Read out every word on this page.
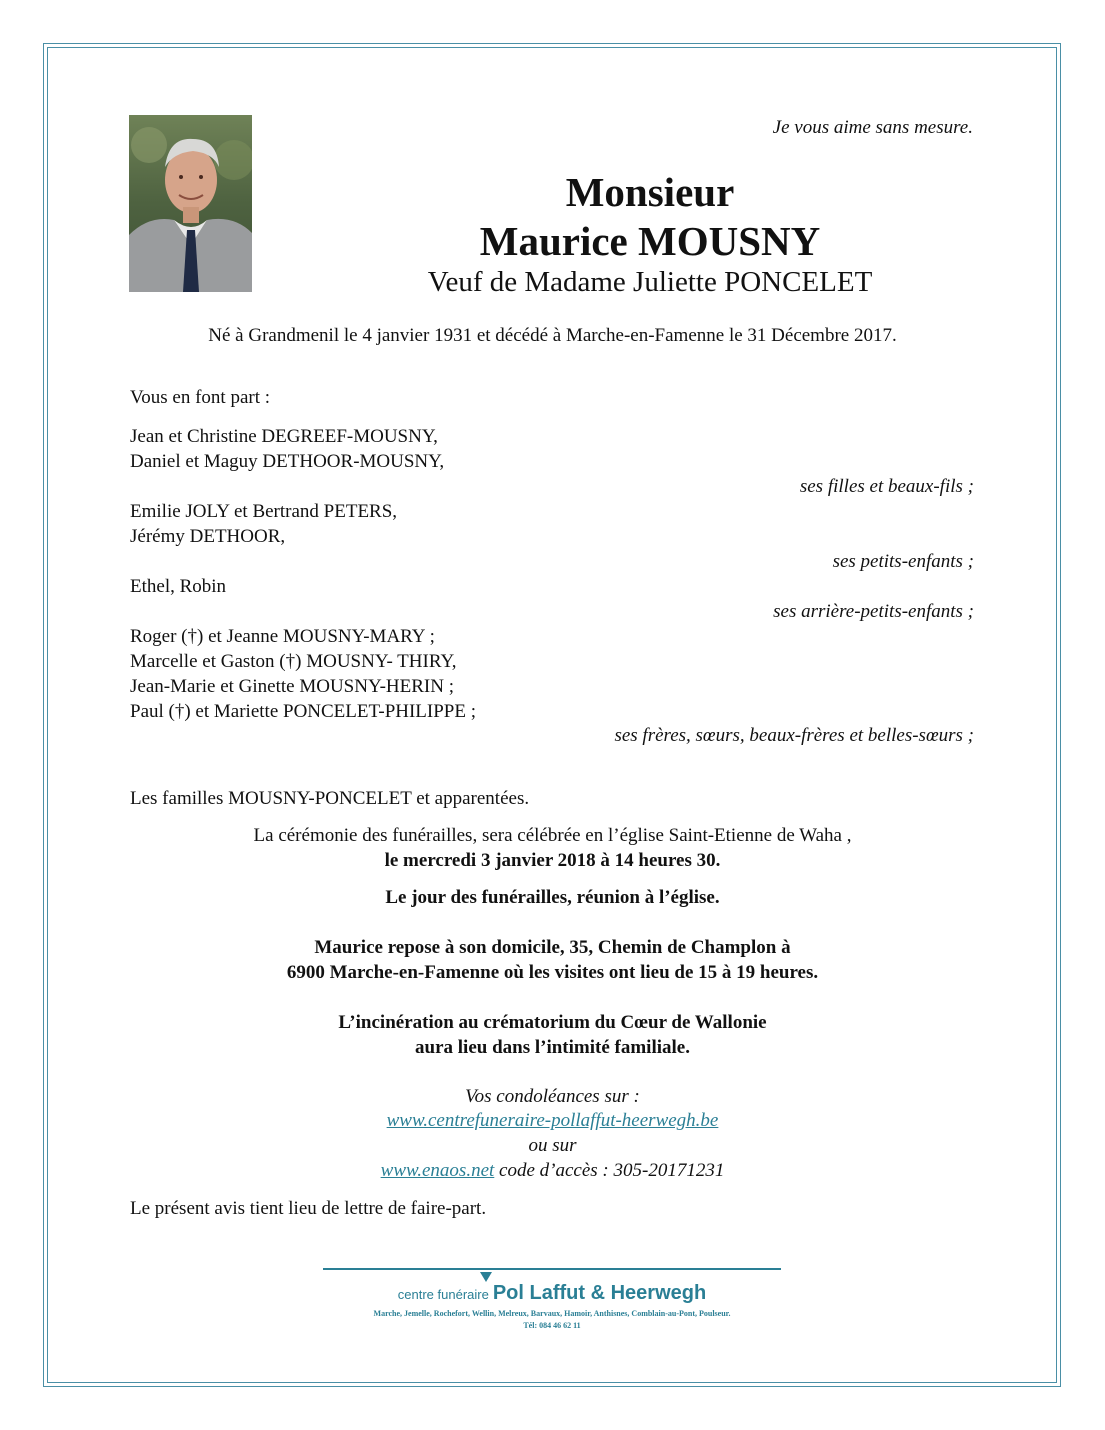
Je vous aime sans mesure.
Monsieur
Maurice MOUSNY
Veuf de Madame Juliette PONCELET
Né à Grandmenil le 4 janvier 1931 et décédé à Marche-en-Famenne le 31 Décembre 2017.
Vous en font part :
Jean et Christine DEGREEF-MOUSNY,
Daniel et Maguy DETHOOR-MOUSNY,
ses filles et beaux-fils ;
Emilie JOLY et Bertrand PETERS,
Jérémy DETHOOR,
ses petits-enfants ;
Ethel, Robin
ses arrière-petits-enfants ;
Roger (†) et Jeanne MOUSNY-MARY ;
Marcelle et Gaston (†) MOUSNY- THIRY,
Jean-Marie et Ginette MOUSNY-HERIN ;
Paul (†) et Mariette PONCELET-PHILIPPE ;
ses frères, sœurs, beaux-frères et belles-sœurs ;
Les familles MOUSNY-PONCELET et apparentées.
La cérémonie des funérailles, sera célébrée en l’église Saint-Etienne de Waha ,
le mercredi 3 janvier 2018 à 14 heures 30.
Le jour des funérailles, réunion à l’église.
Maurice repose à son domicile, 35, Chemin de Champlon à
6900 Marche-en-Famenne où les visites ont lieu de 15 à 19 heures.
L’incinération au crématorium du Cœur de Wallonie
aura lieu dans l’intimité familiale.
Vos condoléances sur :
www.centrefuneraire-pollaffut-heerwegh.be
ou sur
www.enaos.net code d’accès : 305-20171231
Le présent avis tient lieu de lettre de faire-part.
centre funéraire Pol Laffut & Heerwegh
Marche, Jemelle, Rochefort, Wellin, Melreux, Barvaux, Hamoir, Anthisnes, Comblain-au-Pont, Poulseur.
Tél: 084 46 62 11
